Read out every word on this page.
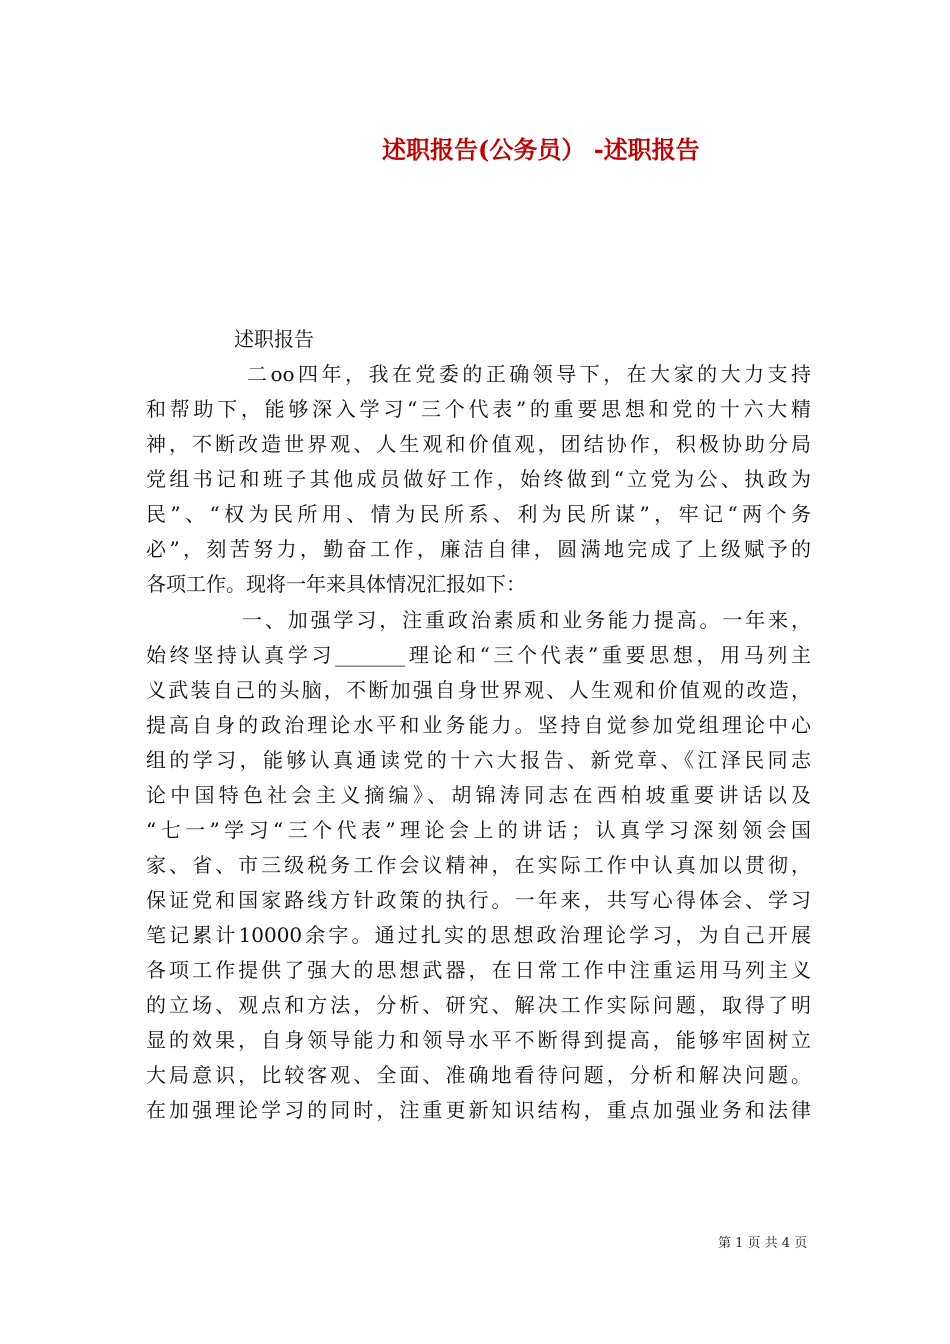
述职报告(公务员） -述职报告
述职报告
二oo四年，我在党委的正确领导下，在大家的大力支持
和帮助下，能够深入学习“三个代表”的重要思想和党的十六大精
神，不断改造世界观、人生观和价值观，团结协作，积极协助分局
党组书记和班子其他成员做好工作，始终做到“立党为公、执政为
民”、“权为民所用、情为民所系、利为民所谋”，牢记“两个务
必”，刻苦努力，勤奋工作，廉洁自律，圆满地完成了上级赋予的
各项工作。现将一年来具体情况汇报如下：
一、加强学习，注重政治素质和业务能力提高。一年来，
始终坚持认真学习_______理论和“三个代表”重要思想，用马列主
义武装自己的头脑，不断加强自身世界观、人生观和价值观的改造，
提高自身的政治理论水平和业务能力。坚持自觉参加党组理论中心
组的学习，能够认真通读党的十六大报告、新党章、《江泽民同志
论中国特色社会主义摘编》、胡锦涛同志在西柏坡重要讲话以及
“七一”学习“三个代表”理论会上的讲话；认真学习深刻领会国
家、省、市三级税务工作会议精神，在实际工作中认真加以贯彻，
保证党和国家路线方针政策的执行。一年来，共写心得体会、学习
笔记累计10000余字。通过扎实的思想政治理论学习，为自己开展
各项工作提供了强大的思想武器，在日常工作中注重运用马列主义
的立场、观点和方法，分析、研究、解决工作实际问题，取得了明
显的效果，自身领导能力和领导水平不断得到提高，能够牢固树立
大局意识，比较客观、全面、准确地看待问题，分析和解决问题。
在加强理论学习的同时，注重更新知识结构，重点加强业务和法律
第 1 页 共 4 页
